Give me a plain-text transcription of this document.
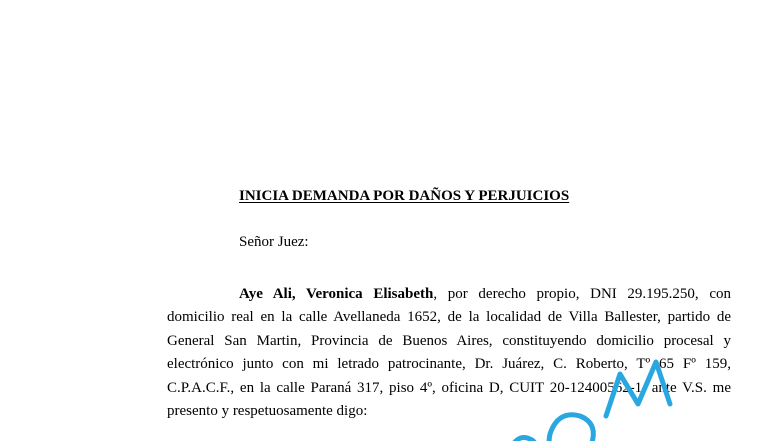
INICIA DEMANDA POR DAÑOS Y PERJUICIOS

Señor Juez:

Aye Ali, Veronica Elisabeth, por derecho propio, DNI 29.195.250, con
domicilio real en la calle Avellaneda 1652, de la localidad de Villa Ballester, partido de
General San Martin, Provincia de Buenos Aires, constituyendo domicilio procesal y
electrónico junto con mi letrado patrocinante, Dr. Juárez, C. Roberto, Tº 65 Fº 159,
C.P.A.C.F., en la calle Paraná 317, piso 4º, oficina D, CUIT 20-12400562-1, ante V.S. me
presento y respetuosamente digo:
